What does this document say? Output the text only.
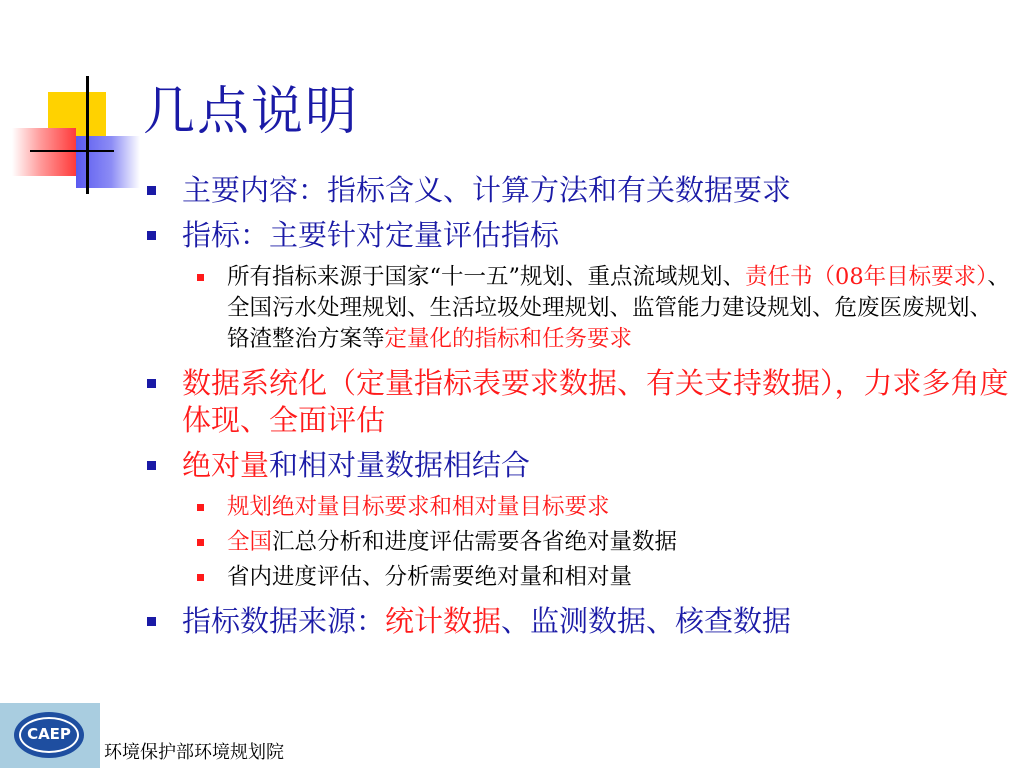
几点说明
主要内容：指标含义、计算方法和有关数据要求
指标：主要针对定量评估指标
所有指标来源于国家“十一五”规划、重点流域规划、责任书（08年目标要求）、全国污水处理规划、生活垃圾处理规划、监管能力建设规划、危废医废规划、铬渣整治方案等定量化的指标和任务要求
数据系统化（定量指标表要求数据、有关支持数据），力求多角度体现、全面评估
绝对量和相对量数据相结合
规划绝对量目标要求和相对量目标要求
全国汇总分析和进度评估需要各省绝对量数据
省内进度评估、分析需要绝对量和相对量
指标数据来源：统计数据、监测数据、核查数据
CAEP
环境保护部环境规划院
